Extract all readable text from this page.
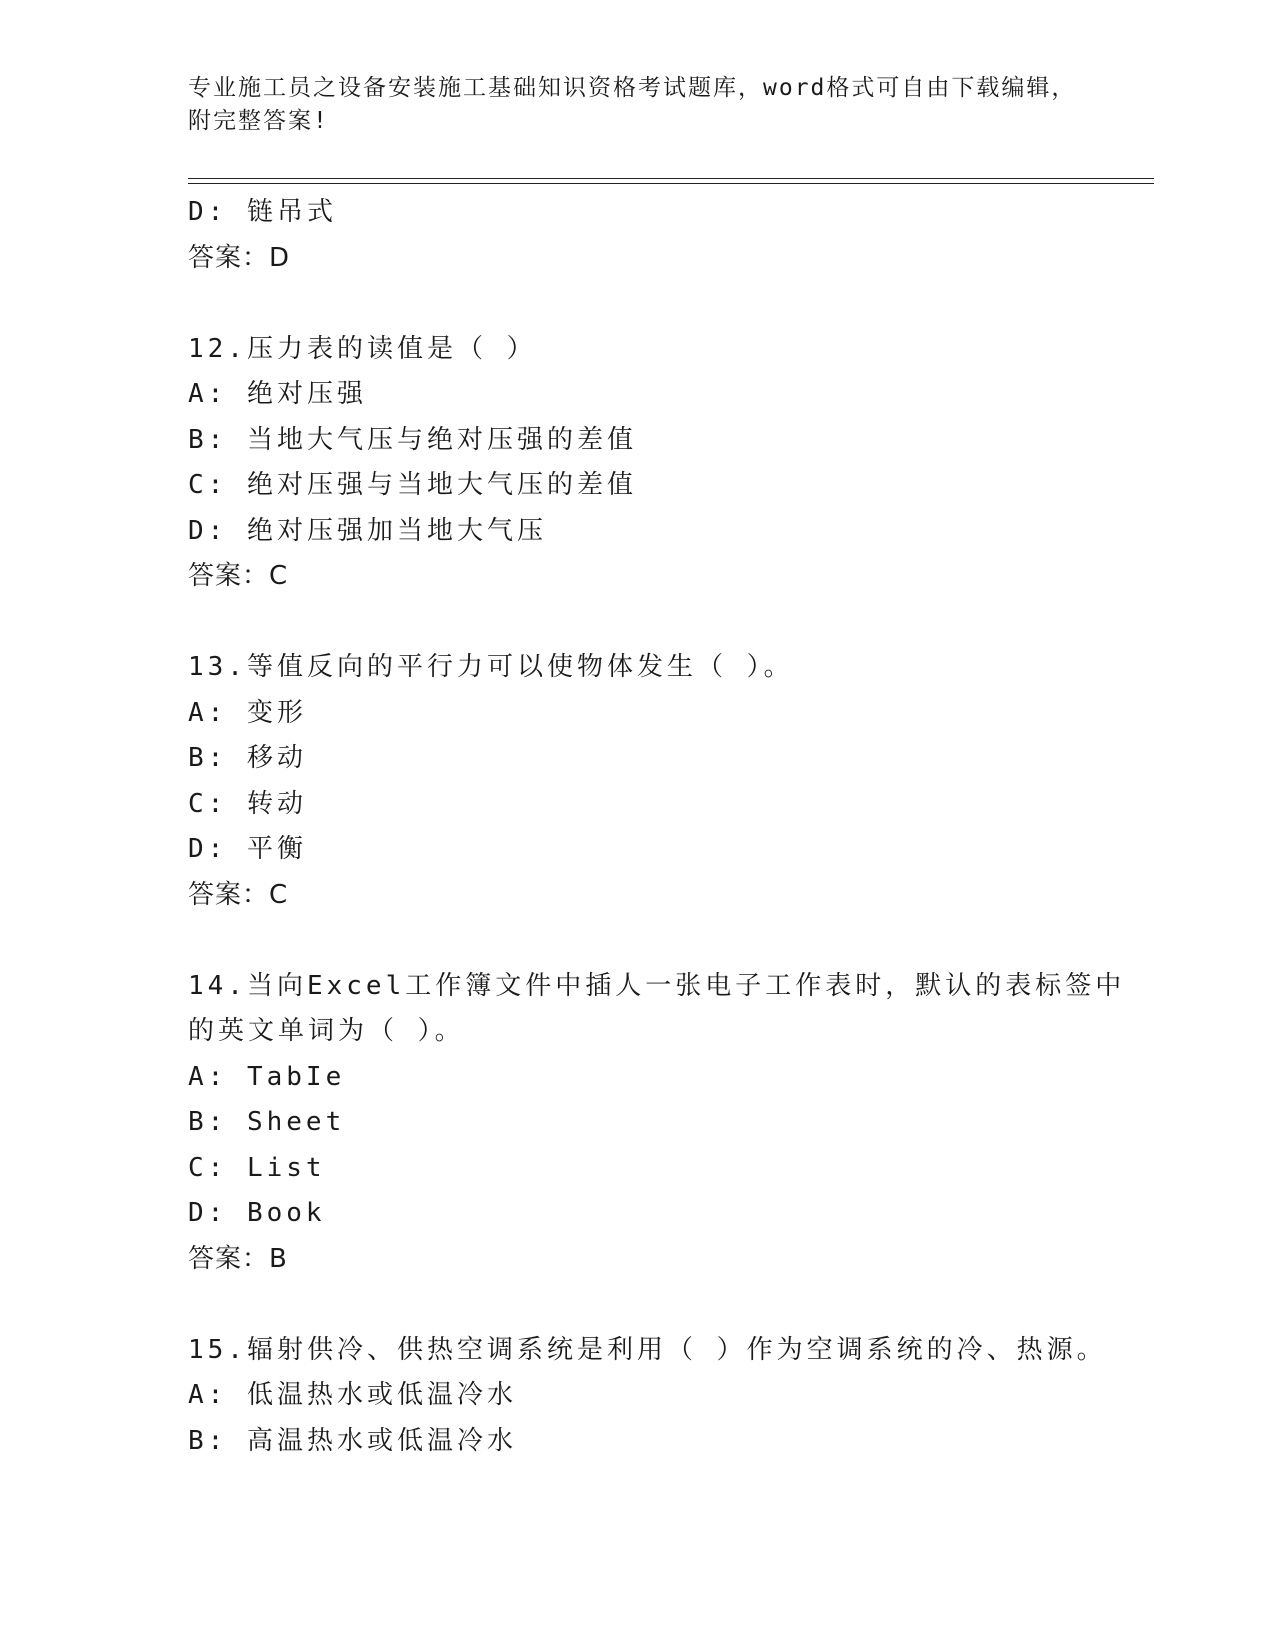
专业施工员之设备安装施工基础知识资格考试题库，word格式可自由下载编辑，
附完整答案!
D: 链吊式
答案：D
12.压力表的读值是（ ）
A: 绝对压强
B: 当地大气压与绝对压强的差值
C: 绝对压强与当地大气压的差值
D: 绝对压强加当地大气压
答案：C
13.等值反向的平行力可以使物体发生（ ）。
A: 变形
B: 移动
C: 转动
D: 平衡
答案：C
14.当向Excel工作簿文件中插人一张电子工作表时，默认的表标签中
的英文单词为（ ）。
A: TabIe
B: Sheet
C: List
D: Book
答案：B
15.辐射供冷、供热空调系统是利用（ ）作为空调系统的冷、热源。
A: 低温热水或低温冷水
B: 高温热水或低温冷水
